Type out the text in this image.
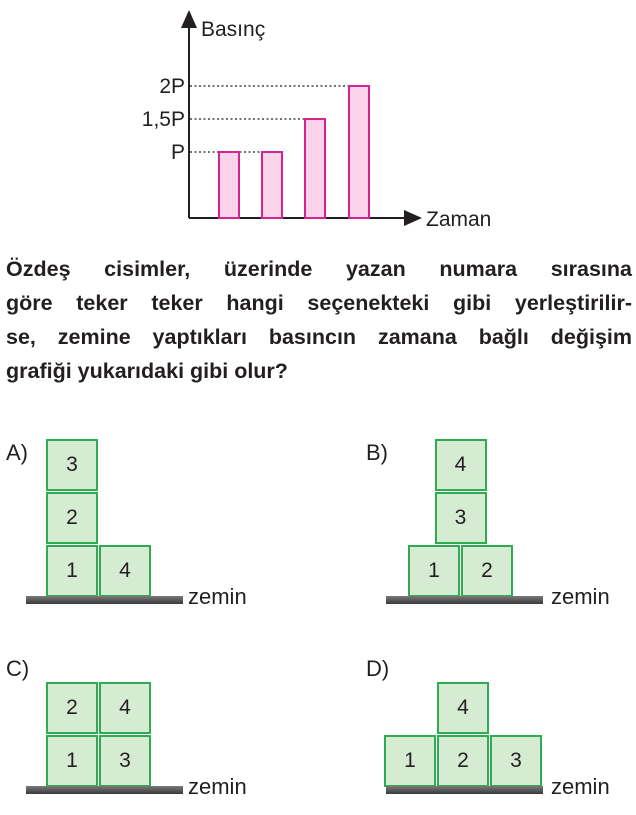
Basınç
Zaman
P
1,5P
2P

Özdeş cisimler, üzerinde yazan numara sırasına
göre teker teker hangi seçenekteki gibi yerleştirilir-
se, zemine yaptıkları basıncın zamana bağlı değişim
grafiği yukarıdaki gibi olur?

A)	3
2
1	4
zemin
B)	4
3
1	2
zemin
C)
2	4
1	3
zemin
D)
4
1	2	3
zemin
